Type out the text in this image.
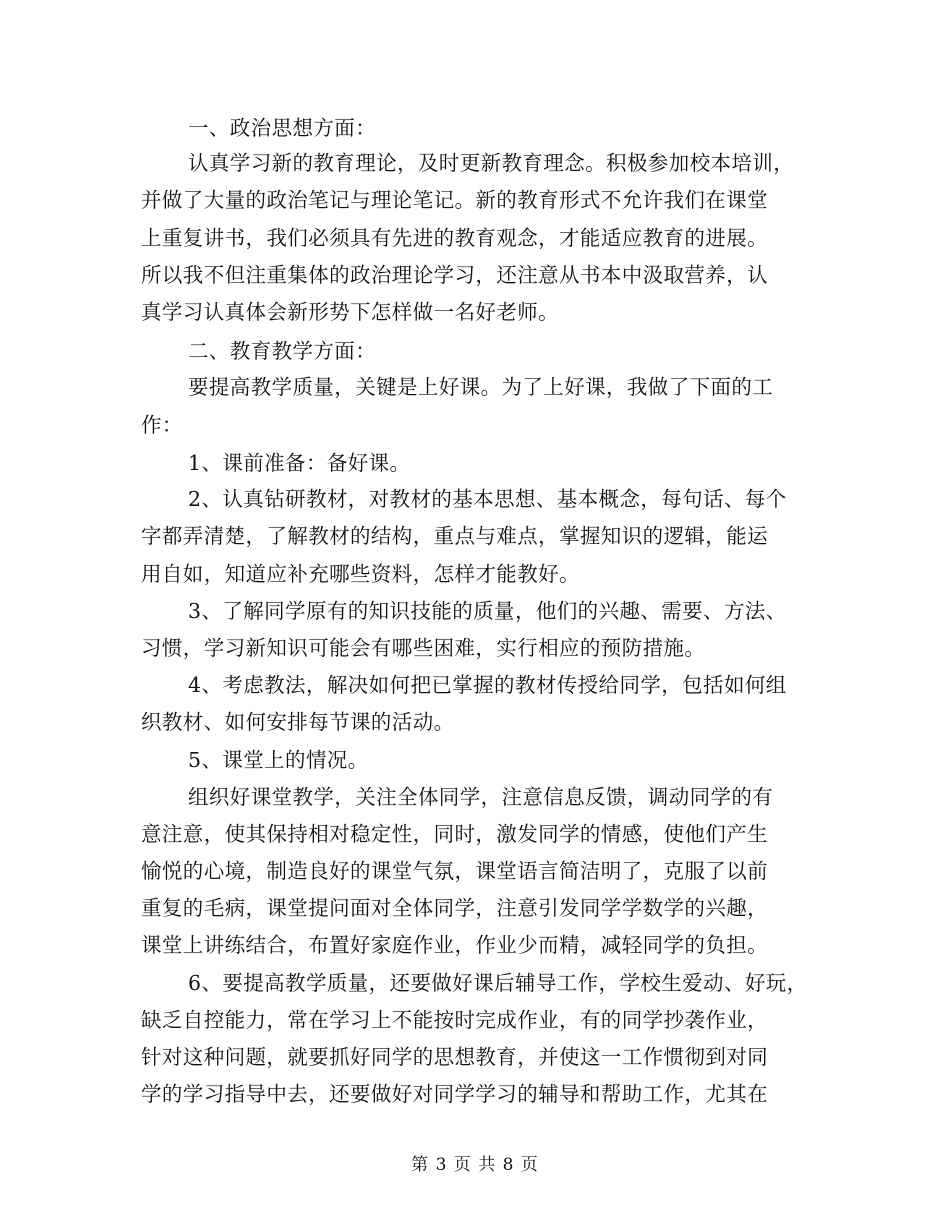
一、政治思想方面：
认真学习新的教育理论，及时更新教育理念。积极参加校本培训，
并做了大量的政治笔记与理论笔记。新的教育形式不允许我们在课堂
上重复讲书，我们必须具有先进的教育观念，才能适应教育的进展。
所以我不但注重集体的政治理论学习，还注意从书本中汲取营养，认
真学习认真体会新形势下怎样做一名好老师。
二、教育教学方面：
要提高教学质量，关键是上好课。为了上好课，我做了下面的工
作：
1、课前准备：备好课。
2、认真钻研教材，对教材的基本思想、基本概念，每句话、每个
字都弄清楚，了解教材的结构，重点与难点，掌握知识的逻辑，能运
用自如，知道应补充哪些资料，怎样才能教好。
3、了解同学原有的知识技能的质量，他们的兴趣、需要、方法、
习惯，学习新知识可能会有哪些困难，实行相应的预防措施。
4、考虑教法，解决如何把已掌握的教材传授给同学，包括如何组
织教材、如何安排每节课的活动。
5、课堂上的情况。
组织好课堂教学，关注全体同学，注意信息反馈，调动同学的有
意注意，使其保持相对稳定性，同时，激发同学的情感，使他们产生
愉悦的心境，制造良好的课堂气氛，课堂语言简洁明了，克服了以前
重复的毛病，课堂提问面对全体同学，注意引发同学学数学的兴趣，
课堂上讲练结合，布置好家庭作业，作业少而精，减轻同学的负担。
6、要提高教学质量，还要做好课后辅导工作，学校生爱动、好玩，
缺乏自控能力，常在学习上不能按时完成作业，有的同学抄袭作业，
针对这种问题，就要抓好同学的思想教育，并使这一工作惯彻到对同
学的学习指导中去，还要做好对同学学习的辅导和帮助工作，尤其在
第 3 页 共 8 页
